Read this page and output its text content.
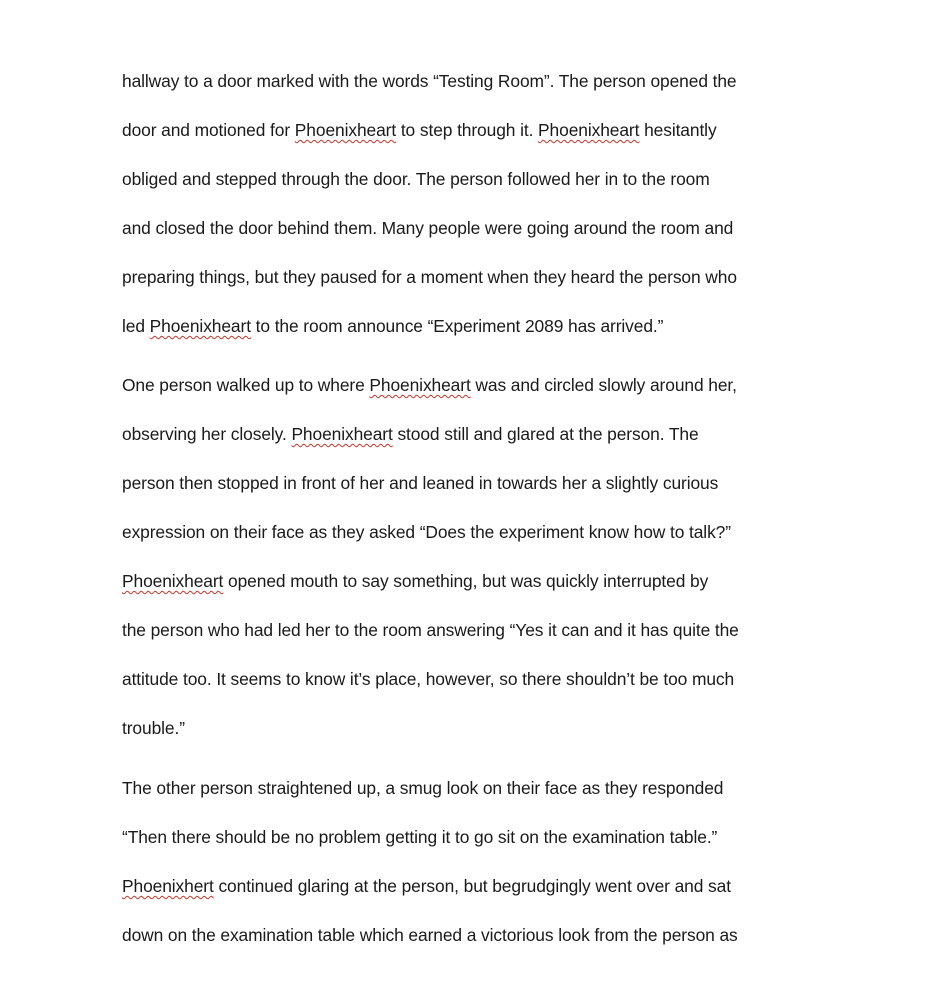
hallway to a door marked with the words “Testing Room”. The person opened the
door and motioned for Phoenixheart to step through it. Phoenixheart hesitantly
obliged and stepped through the door. The person followed her in to the room
and closed the door behind them. Many people were going around the room and
preparing things, but they paused for a moment when they heard the person who
led Phoenixheart to the room announce “Experiment 2089 has arrived.”
One person walked up to where Phoenixheart was and circled slowly around her,
observing her closely. Phoenixheart stood still and glared at the person. The
person then stopped in front of her and leaned in towards her a slightly curious
expression on their face as they asked “Does the experiment know how to talk?”
Phoenixheart opened mouth to say something, but was quickly interrupted by
the person who had led her to the room answering “Yes it can and it has quite the
attitude too. It seems to know it’s place, however, so there shouldn’t be too much
trouble.”
The other person straightened up, a smug look on their face as they responded
“Then there should be no problem getting it to go sit on the examination table.”
Phoenixhert continued glaring at the person, but begrudgingly went over and sat
down on the examination table which earned a victorious look from the person as
